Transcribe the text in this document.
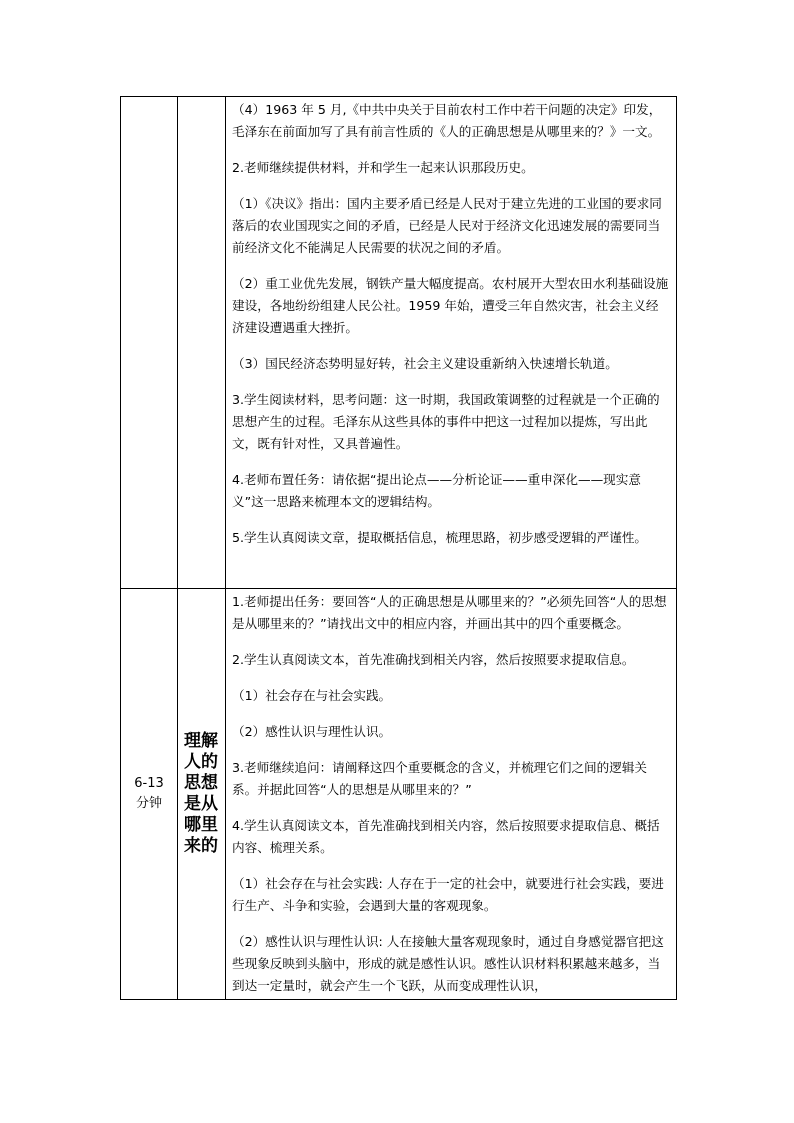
（4）1963 年 5 月,《中共中央关于目前农村工作中若干问题的决定》印发，毛泽东在前面加写了具有前言性质的《人的正确思想是从哪里来的？》一文。

2.老师继续提供材料，并和学生一起来认识那段历史。

（1）《决议》指出：国内主要矛盾已经是人民对于建立先进的工业国的要求同落后的农业国现实之间的矛盾，已经是人民对于经济文化迅速发展的需要同当前经济文化不能满足人民需要的状况之间的矛盾。

（2）重工业优先发展，钢铁产量大幅度提高。农村展开大型农田水利基础设施建设，各地纷纷组建人民公社。1959 年始，遭受三年自然灾害，社会主义经济建设遭遇重大挫折。

（3）国民经济态势明显好转，社会主义建设重新纳入快速增长轨道。

3.学生阅读材料，思考问题：这一时期，我国政策调整的过程就是一个正确的思想产生的过程。毛泽东从这些具体的事件中把这一过程加以提炼，写出此文，既有针对性，又具普遍性。

4.老师布置任务：请依据“提出论点——分析论证——重申深化——现实意义”这一思路来梳理本文的逻辑结构。

5.学生认真阅读文章，提取概括信息，梳理思路，初步感受逻辑的严谨性。

6-13 分钟
理解人的思想是从哪里来的

1.老师提出任务：要回答“人的正确思想是从哪里来的？”必须先回答“人的思想是从哪里来的？”请找出文中的相应内容，并画出其中的四个重要概念。

2.学生认真阅读文本，首先准确找到相关内容，然后按照要求提取信息。

（1）社会存在与社会实践。

（2）感性认识与理性认识。

3.老师继续追问：请阐释这四个重要概念的含义，并梳理它们之间的逻辑关系。并据此回答“人的思想是从哪里来的？”

4.学生认真阅读文本，首先准确找到相关内容，然后按照要求提取信息、概括内容、梳理关系。

（1）社会存在与社会实践: 人存在于一定的社会中，就要进行社会实践，要进行生产、斗争和实验，会遇到大量的客观现象。

（2）感性认识与理性认识: 人在接触大量客观现象时，通过自身感觉器官把这些现象反映到头脑中，形成的就是感性认识。感性认识材料积累越来越多，当到达一定量时，就会产生一个飞跃，从而变成理性认识，
